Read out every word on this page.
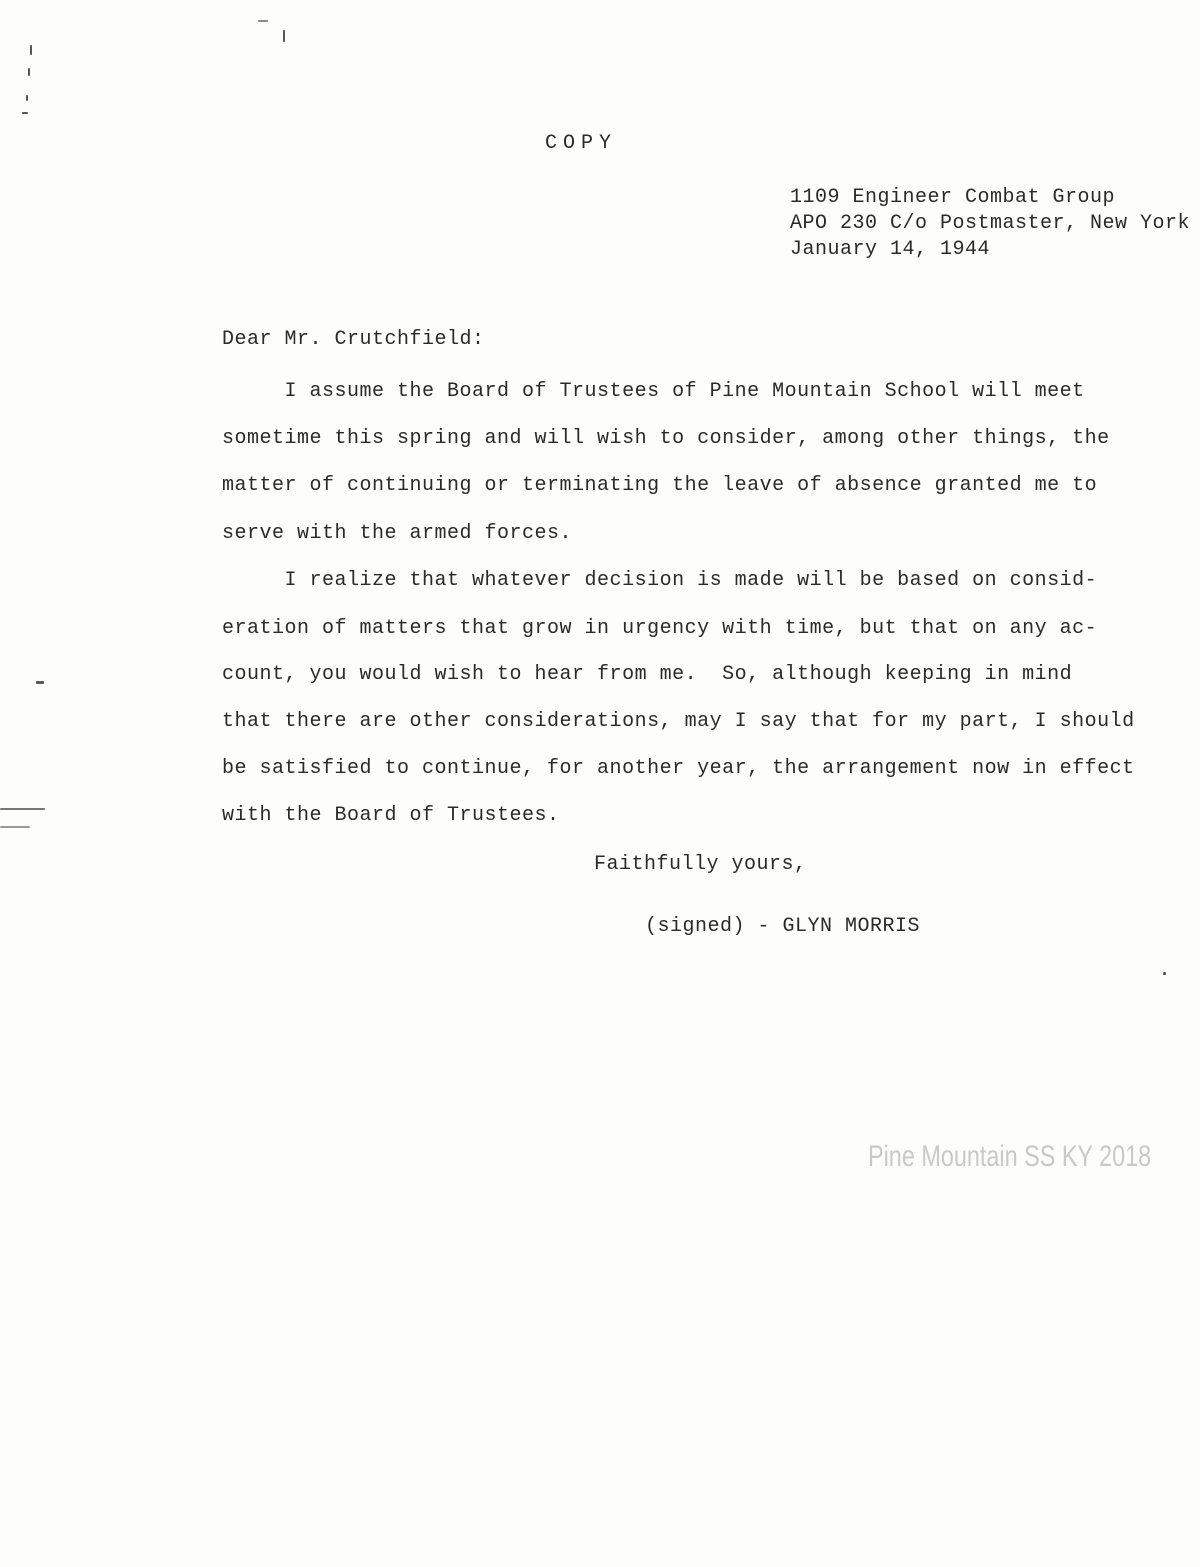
COPY
1109 Engineer Combat Group
APO 230 C/o Postmaster, New York
January 14, 1944
Dear Mr. Crutchfield:

I assume the Board of Trustees of Pine Mountain School will meet

sometime this spring and will wish to consider, among other things, the

matter of continuing or terminating the leave of absence granted me to

serve with the armed forces.

I realize that whatever decision is made will be based on consid-

eration of matters that grow in urgency with time, but that on any ac-

count, you would wish to hear from me.  So, although keeping in mind

that there are other considerations, may I say that for my part, I should

be satisfied to continue, for another year, the arrangement now in effect

with the Board of Trustees.

Faithfully yours,
(signed) - GLYN MORRIS
Pine Mountain SS KY 2018
